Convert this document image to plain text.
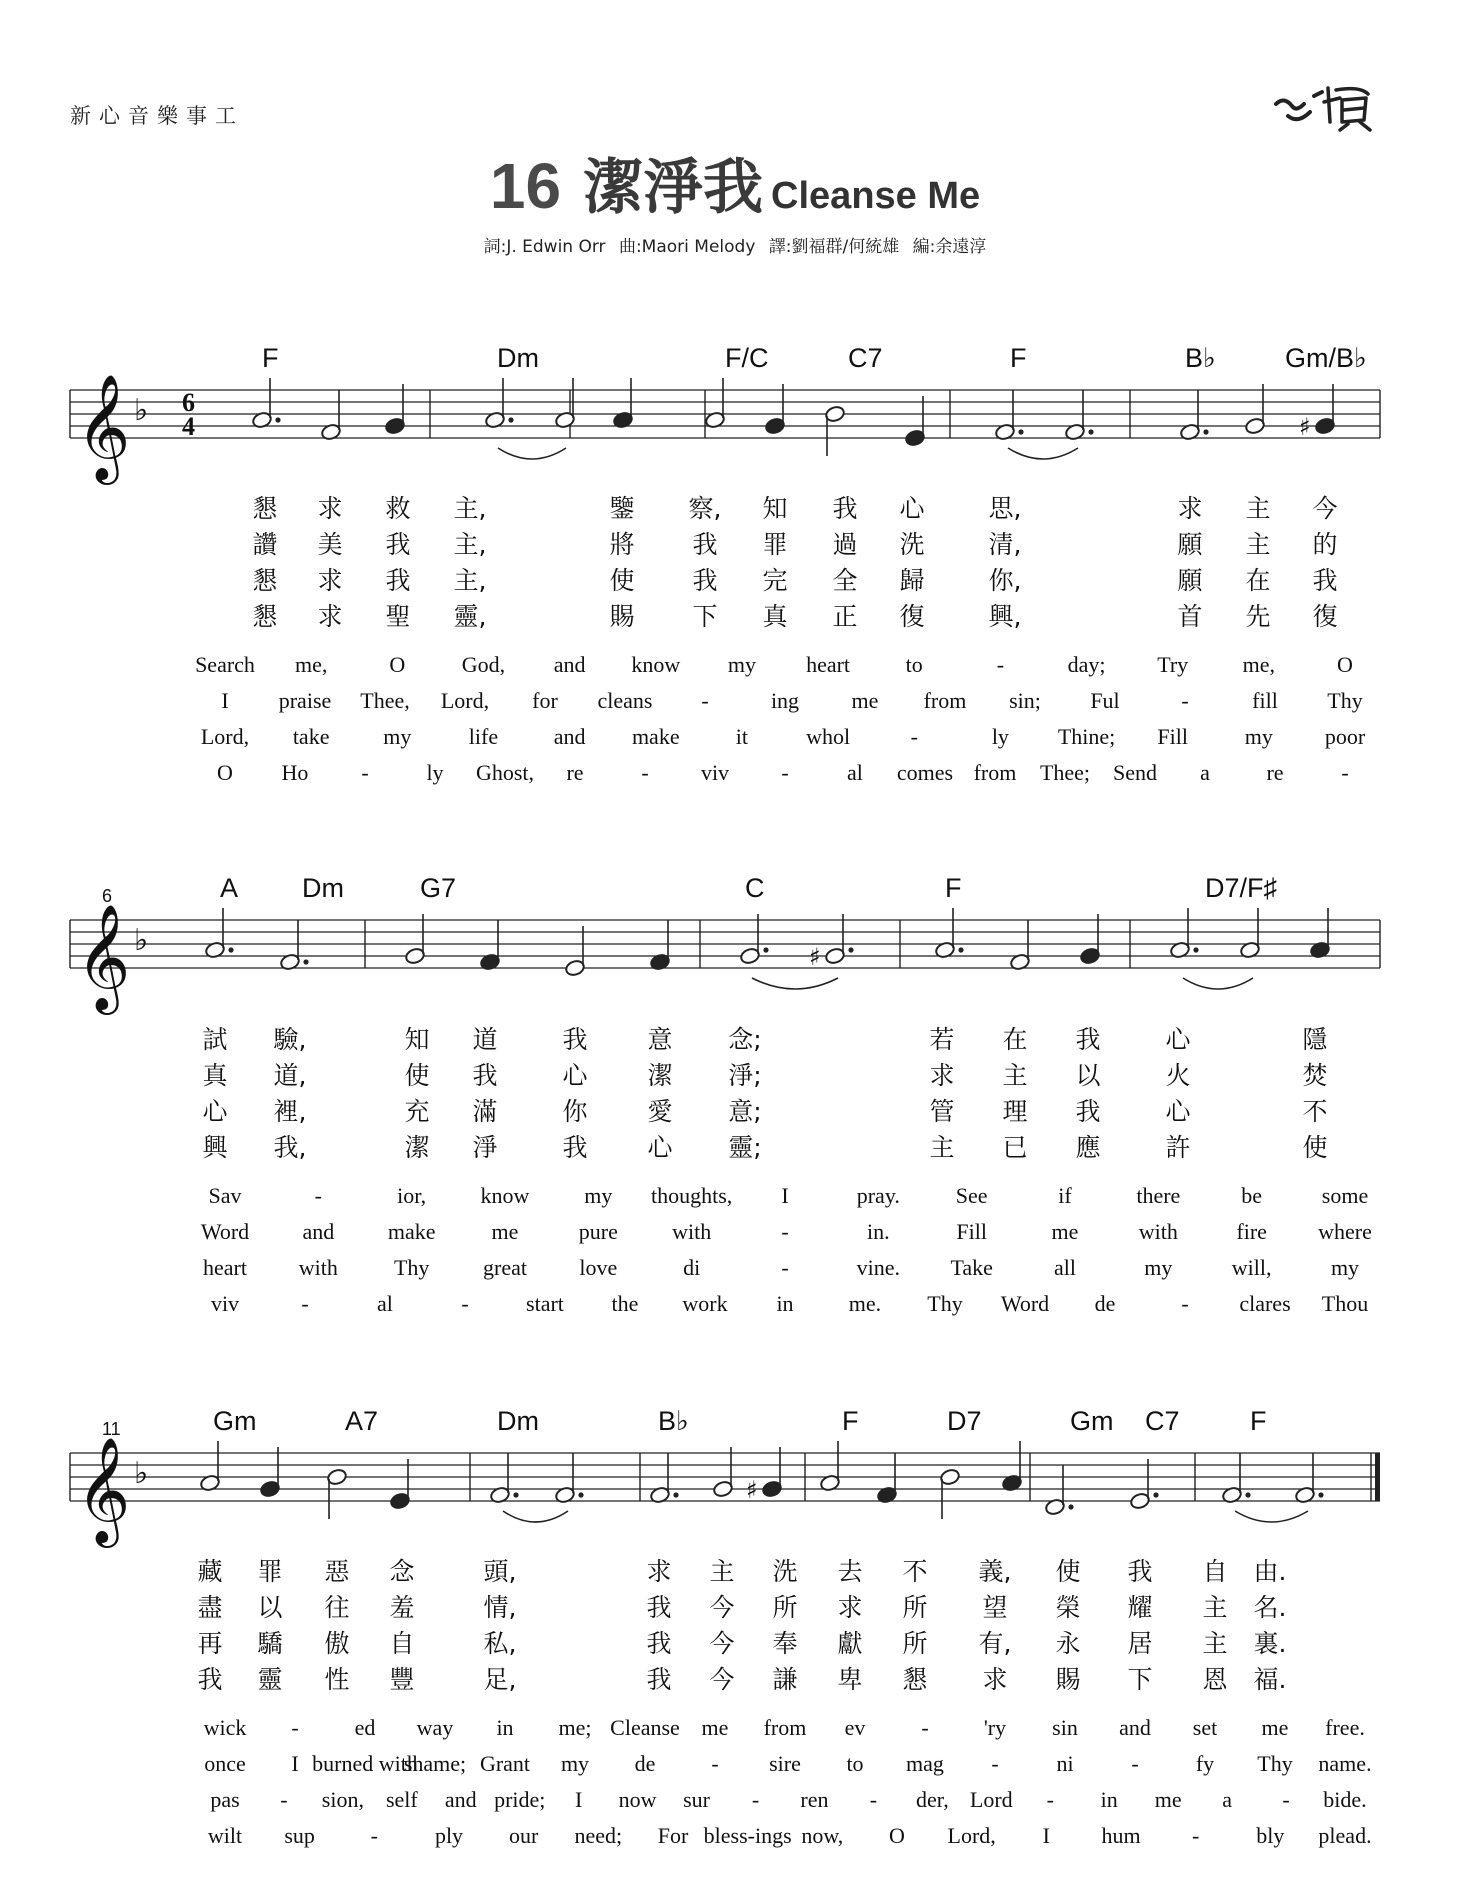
新心音樂事工
16 潔淨我 Cleanse Me
詞:J. Edwin Orr 曲:Maori Melody 譯:劉福群/何統雄 編:余遠淳
𝄞 ♭ 6
4
𝄞 ♭
6
𝄞 ♭
11
♯
♯
♯
F	Dm	F/C	C7	F	B♭	Gm/B♭
A Dm	G7	C	F	D7/F♯
Gm	A7	Dm	B♭	F	D7	Gm C7	F
懇 求 救 主,	鑒 察, 知 我 心	思,	求 主 今
讚 美 我 主,	將 我 罪 過 洗	清,	願 主 的
懇 求 我 主,	使 我 完 全 歸	你,	願 在 我
懇 求 聖 靈,	賜 下 真 正 復	興,	首 先 復
Search me,	O	God, and know my heart	to	-	day; Try me,	O
I praise Thee, Lord, for cleans -	ing me from sin; Ful	-	fill Thy
Lord, take my	life	and make	it	whol	-	ly Thine; Fill	my poor
O Ho -	ly Ghost, re	- viv -	al comes from Thee; Send a	re	-
試 驗,	知 道	我 意 念;	若 在 我	心	隱
真 道,	使 我	心 潔 淨;	求 主 以	火	焚
心 裡,	充 滿	你 愛 意;	管 理 我	心	不
興 我,	潔 淨	我 心 靈;	主 已 應	許	使
Sav	-	ior, know my thoughts, I	pray.	See	if	there	be	some
Word and make	me	pure with	-	in.	Fill	me	with	fire where
heart with	Thy great love	di	-	vine. Take	all	my	will,	my
viv	-	al	-	start the work in	me. Thy Word de	- clares Thou
藏 罪 惡 念	頭,	求 主 洗 去 不 義, 使 我 自 由.
盡 以 往 羞	情,	我 今 所 求 所 望 榮 耀 主 名.
再 驕 傲 自	私,	我 今 奉 獻 所 有, 永 居 主 裏.
我 靈 性 豐	足,	我 今 謙 卑 懇 求 賜 下 恩 福.
wick -	ed way in me; Cleanse me from ev	-	'ry sin and set me free.
once I burned with
shame; Grant my de	- sire to mag -	ni	-	fy Thy name.
pas - sion, self and pride; I now sur - ren - der, Lord - in me a - bide.
wilt sup	-	ply our need; For bless-ings now, O Lord, I hum -	bly plead.
